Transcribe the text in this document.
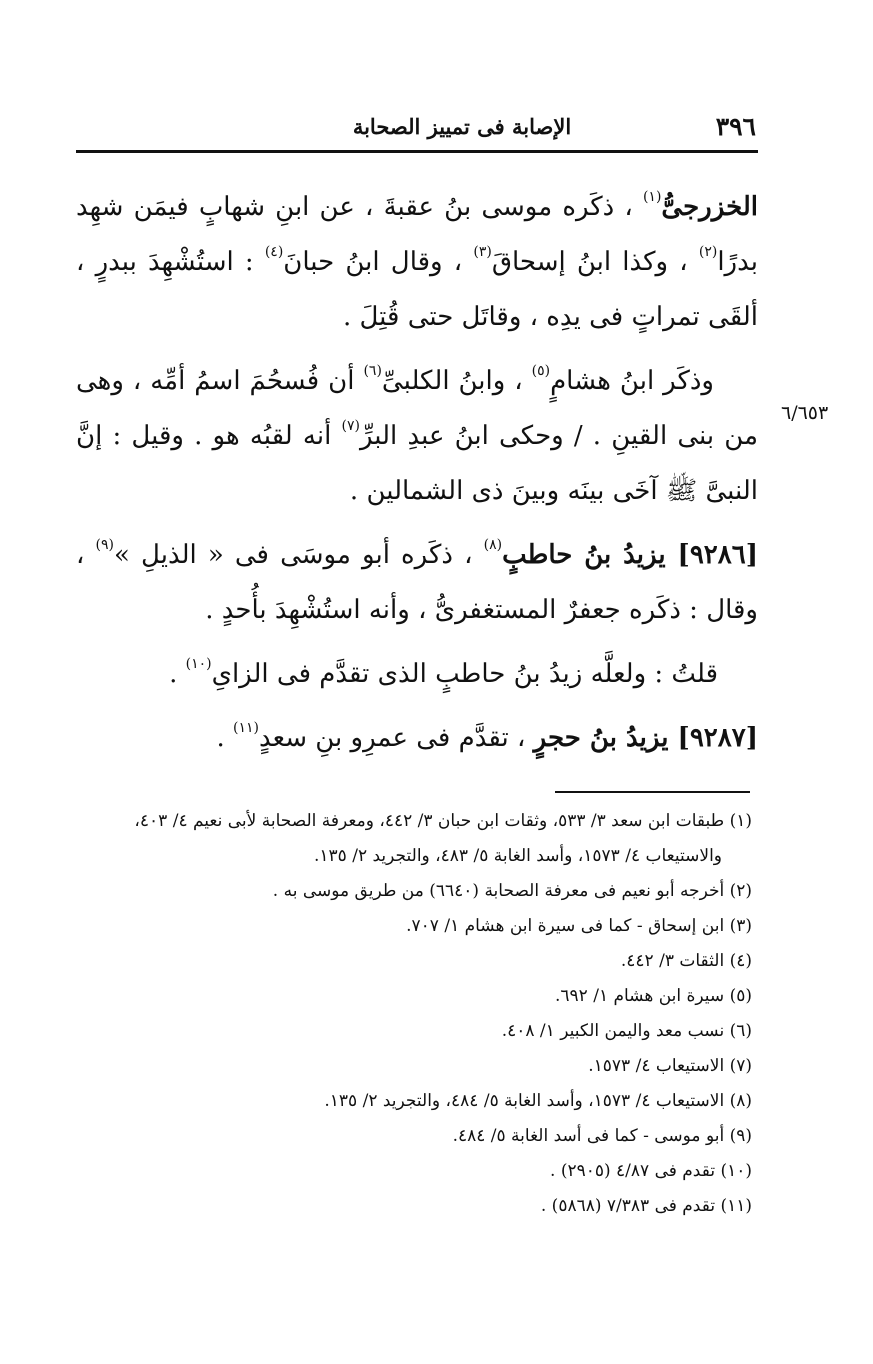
٣٩٦
الإصابة فى تمييز الصحابة
٦/٦٥٣

الخزرجىُّ$^{(١)}$ ، ذكَره موسى بنُ عقبةَ ، عن ابنِ شهابٍ فيمَن شهِد بدرًا$^{(٢)}$ ، وكذا ابنُ إسحاقَ$^{(٣)}$ ، وقال ابنُ حبانَ$^{(٤)}$ : استُشْهِدَ ببدرٍ ، ألقَى تمراتٍ فى يدِه ، وقاتَل حتى قُتِلَ .

وذكَر ابنُ هشامٍ$^{(٥)}$ ، وابنُ الكلبىِّ$^{(٦)}$ أن فُسحُمَ اسمُ أمِّه ، وهى من بنى القينِ . / وحكى ابنُ عبدِ البرِّ$^{(٧)}$ أنه لقبُه هو . وقيل : إنَّ النبىَّ ﷺ آخَى بينَه وبينَ ذى الشمالين .

[٩٢٨٦] يزيدُ بنُ حاطبٍ$^{(٨)}$ ، ذكَره أبو موسَى فى « الذيلِ »$^{(٩)}$ ، وقال : ذكَره جعفرٌ المستغفرىُّ ، وأنه استُشْهِدَ بأُحدٍ .

قلتُ : ولعلَّه زيدُ بنُ حاطبٍ الذى تقدَّم فى الزاىِ$^{(١٠)}$ .

[٩٢٨٧] يزيدُ بنُ حجرٍ ، تقدَّم فى عمرِو بنِ سعدٍ$^{(١١)}$ .

(١) طبقات ابن سعد ٣/ ٥٣٣، وثقات ابن حبان ٣/ ٤٤٢، ومعرفة الصحابة لأبى نعيم ٤/ ٤٠٣،

والاستيعاب ٤/ ١٥٧٣، وأسد الغابة ٥/ ٤٨٣، والتجريد ٢/ ١٣٥.

(٢) أخرجه أبو نعيم فى معرفة الصحابة (٦٦٤٠) من طريق موسى به .

(٣) ابن إسحاق - كما فى سيرة ابن هشام ١/ ٧٠٧.

(٤) الثقات ٣/ ٤٤٢.

(٥) سيرة ابن هشام ١/ ٦٩٢.

(٦) نسب معد واليمن الكبير ١/ ٤٠٨.

(٧) الاستيعاب ٤/ ١٥٧٣.

(٨) الاستيعاب ٤/ ١٥٧٣، وأسد الغابة ٥/ ٤٨٤، والتجريد ٢/ ١٣٥.

(٩) أبو موسى - كما فى أسد الغابة ٥/ ٤٨٤.

(١٠) تقدم فى ٤/٨٧ (٢٩٠٥) .

(١١) تقدم فى ٧/٣٨٣ (٥٨٦٨) .
